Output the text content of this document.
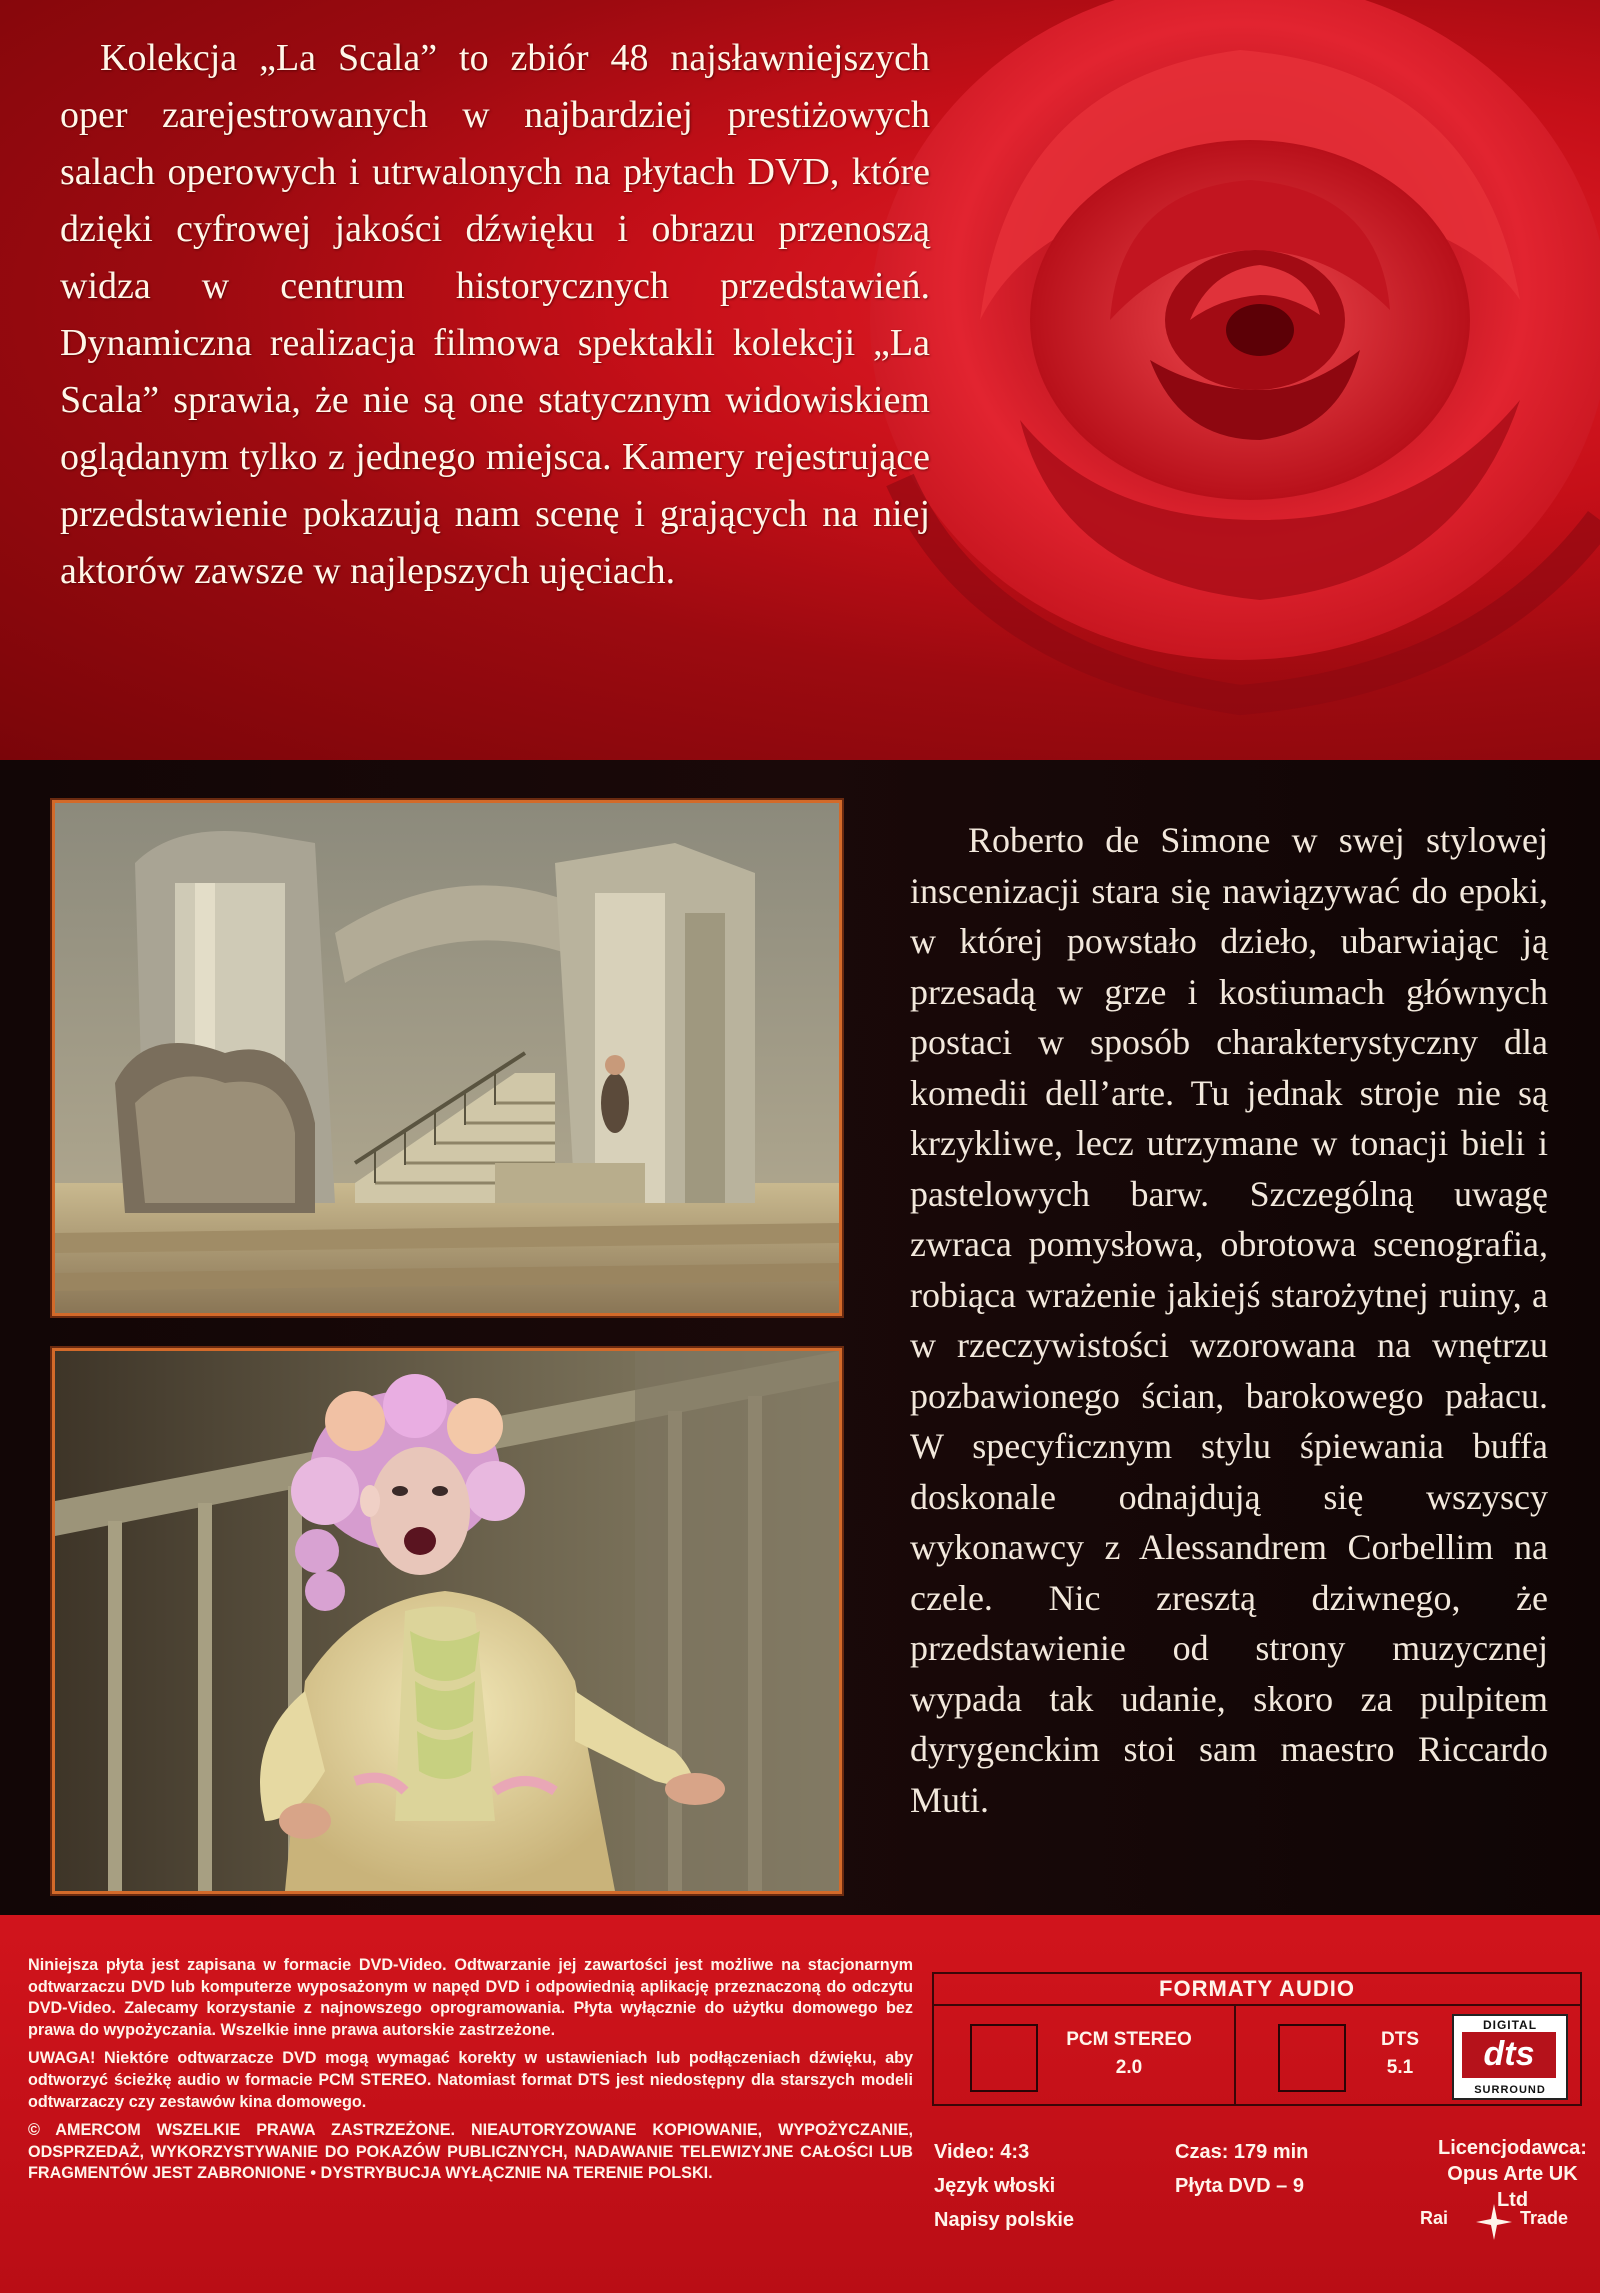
Kolekcja „La Scala” to zbiór 48 najsławniejszych oper zarejestrowanych w najbardziej prestiżowych salach operowych i utrwalonych na płytach DVD, które dzięki cyfrowej jakości dźwięku i obrazu przenoszą widza w centrum historycznych przedstawień. Dynamiczna realizacja filmowa spektakli kolekcji „La Scala” sprawia, że nie są one statycznym widowiskiem oglądanym tylko z jednego miejsca. Kamery rejestrujące przedstawienie pokazują nam scenę i grających na niej aktorów zawsze w najlepszych ujęciach.

Roberto de Simone w swej stylowej inscenizacji stara się nawiązywać do epoki, w której powstało dzieło, ubarwiając ją przesadą w grze i kostiumach głównych postaci w sposób charakterystyczny dla komedii dell’arte. Tu jednak stroje nie są krzykliwe, lecz utrzymane w tonacji bieli i pastelowych barw. Szczególną uwagę zwraca pomysłowa, obrotowa scenografia, robiąca wrażenie jakiejś starożytnej ruiny, a w rzeczywistości wzorowana na wnętrzu pozbawionego ścian, barokowego pałacu. W specyficznym stylu śpiewania buffa doskonale odnajdują się wszyscy wykonawcy z Alessandrem Corbellim na czele. Nic zresztą dziwnego, że przedstawienie od strony muzycznej wypada tak udanie, skoro za pulpitem dyrygenckim stoi sam maestro Riccardo Muti.

Niniejsza płyta jest zapisana w formacie DVD-Video. Odtwarzanie jej zawartości jest możliwe na stacjonarnym odtwarzaczu DVD lub komputerze wyposażonym w napęd DVD i odpowiednią aplikację przeznaczoną do odczytu DVD-Video. Zalecamy korzystanie z najnowszego oprogramowania. Płyta wyłącznie do użytku domowego bez prawa do wypożyczania. Wszelkie inne prawa autorskie zastrzeżone.

UWAGA! Niektóre odtwarzacze DVD mogą wymagać korekty w ustawieniach lub podłączeniach dźwięku, aby odtworzyć ścieżkę audio w formacie PCM STEREO. Natomiast format DTS jest niedostępny dla starszych modeli odtwarzaczy czy zestawów kina domowego.

© AMERCOM WSZELKIE PRAWA ZASTRZEŻONE. NIEAUTORYZOWANE KOPIOWANIE, WYPOŻYCZANIE, ODSPRZEDAŻ, WYKORZYSTYWANIE DO POKAZÓW PUBLICZNYCH, NADAWANIE TELEWIZYJNE CAŁOŚCI LUB FRAGMENTÓW JEST ZABRONIONE • DYSTRYBUCJA WYŁĄCZNIE NA TERENIE POLSKI.

FORMATY AUDIO
PCM STEREO
2.0
DTS
5.1
DIGITAL
dts
SURROUND
Video: 4:3
Język włoski
Napisy polskie
Czas: 179 min
Płyta DVD – 9
Licencjodawca:
Opus Arte UK Ltd
Rai	Trade
